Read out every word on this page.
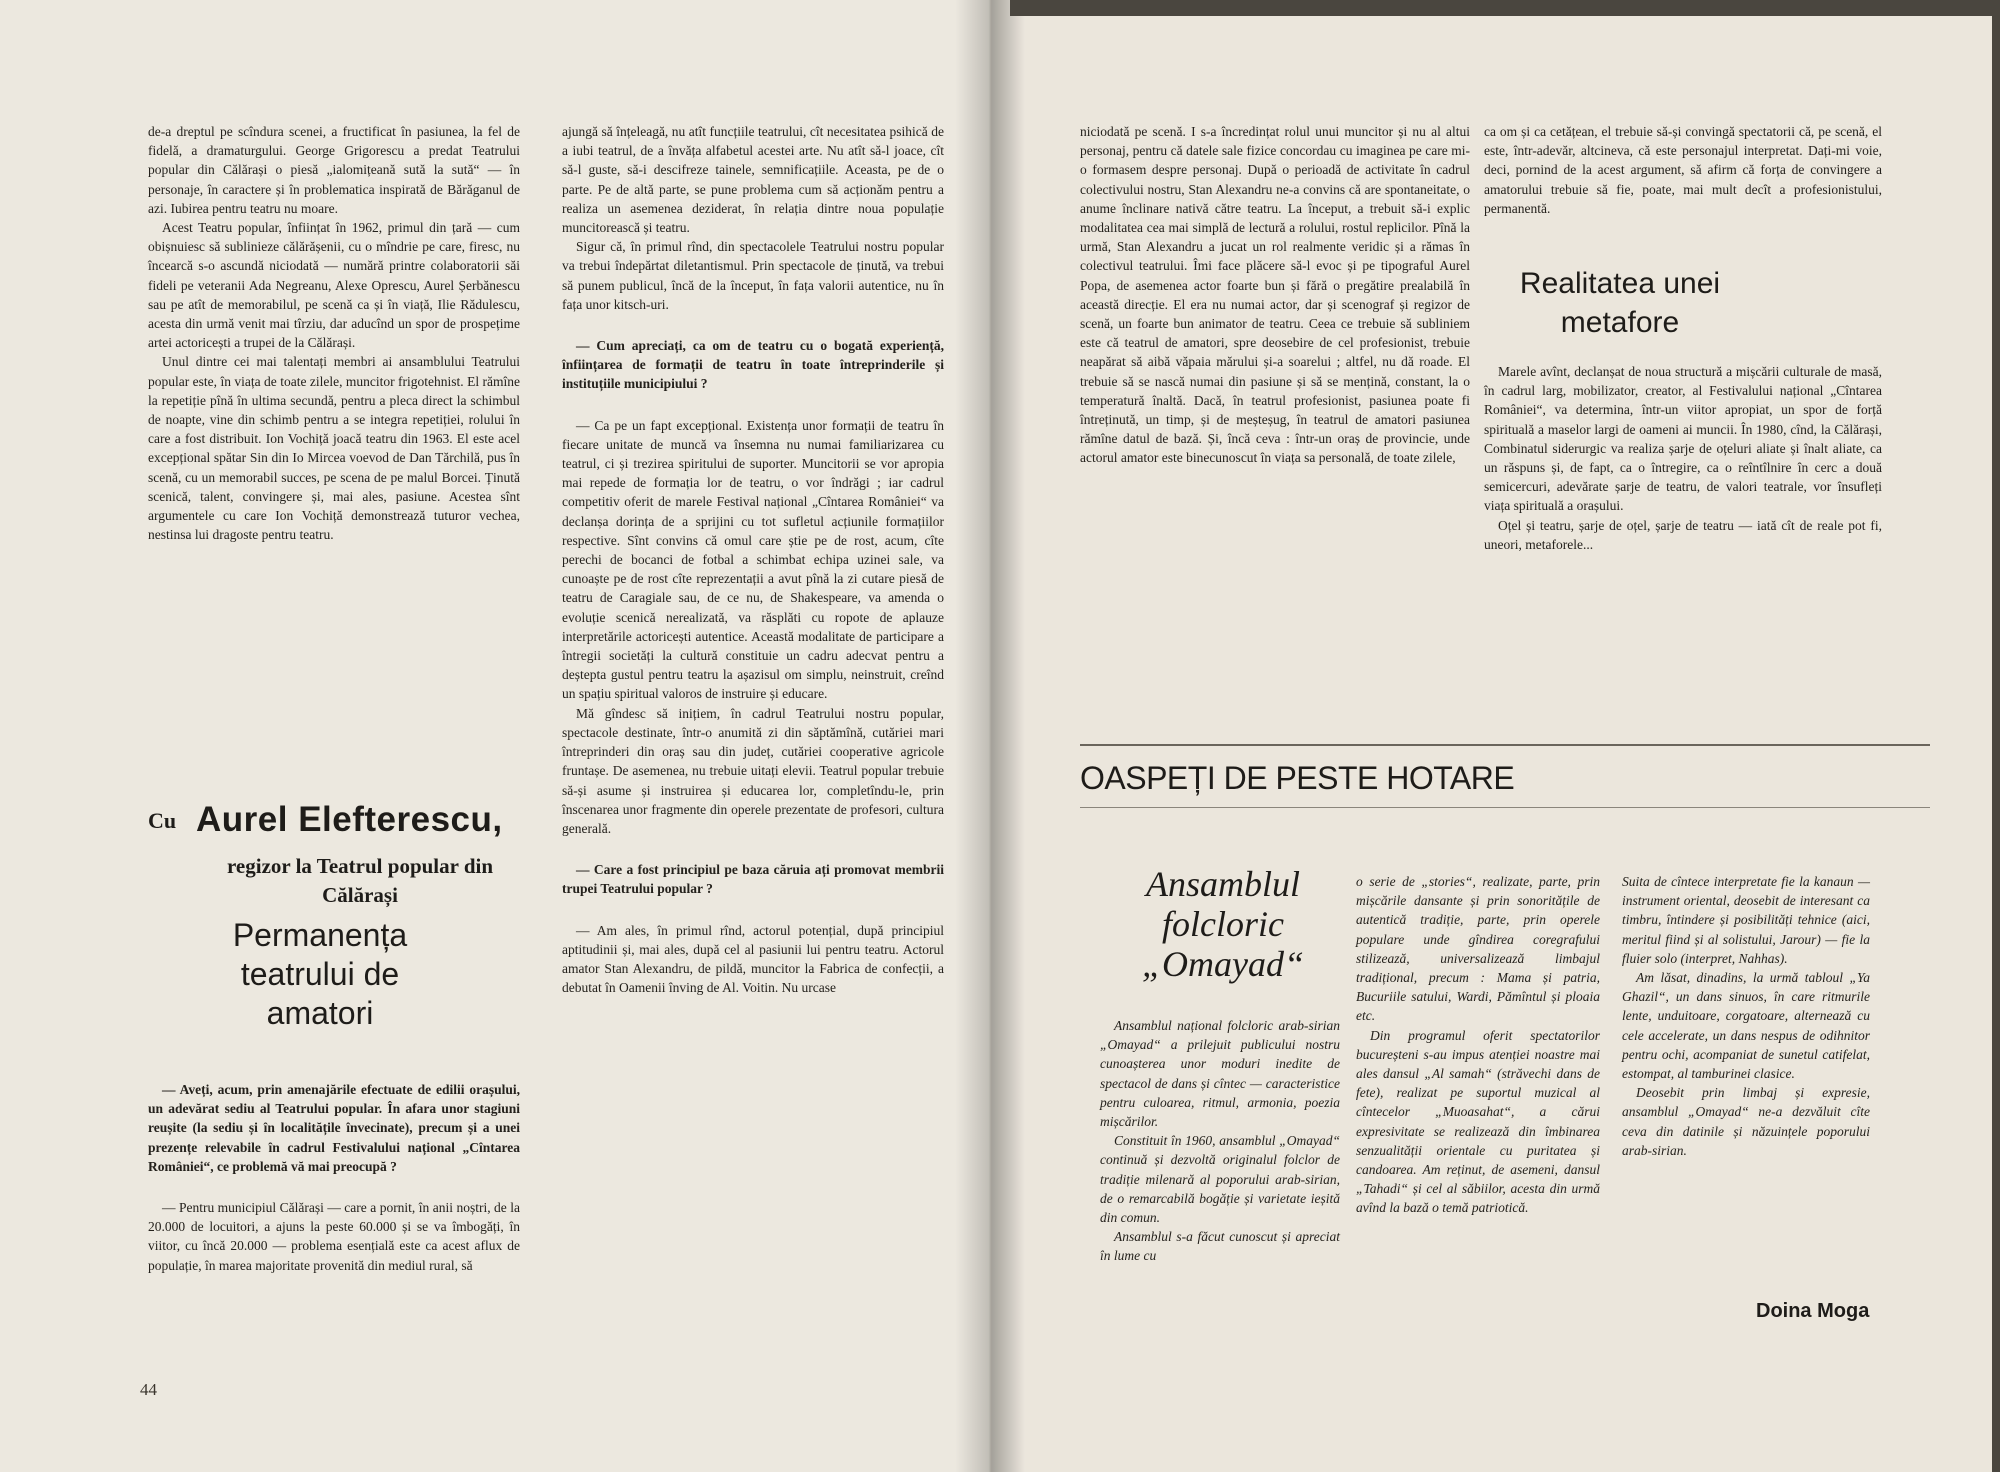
de-a dreptul pe scîndura scenei, a fructificat în pasiunea, la fel de fidelă, a dramaturgului. George Grigorescu a predat Teatrului popular din Călărași o piesă „ialomițeană sută la sută“ — în personaje, în caractere și în problematica inspirată de Bărăganul de azi. Iubirea pentru teatru nu moare.

Acest Teatru popular, înființat în 1962, primul din țară — cum obișnuiesc să sublinieze călărășenii, cu o mîndrie pe care, firesc, nu încearcă s-o ascundă niciodată — numără printre colaboratorii săi fideli pe veteranii Ada Negreanu, Alexe Oprescu, Aurel Șerbănescu sau pe atît de memorabilul, pe scenă ca și în viață, Ilie Rădulescu, acesta din urmă venit mai tîrziu, dar aducînd un spor de prospețime artei actoricești a trupei de la Călărași.

Unul dintre cei mai talentați membri ai ansamblului Teatrului popular este, în viața de toate zilele, muncitor frigotehnist. El rămîne la repetiție pînă în ultima secundă, pentru a pleca direct la schimbul de noapte, vine din schimb pentru a se integra repetiției, rolului în care a fost distribuit. Ion Vochiță joacă teatru din 1963. El este acel excepțional spătar Sin din Io Mircea voevod de Dan Tărchilă, pus în scenă, cu un memorabil succes, pe scena de pe malul Borcei. Ținută scenică, talent, convingere și, mai ales, pasiune. Acestea sînt argumentele cu care Ion Vochiță demonstrează tuturor vechea, nestinsa lui dragoste pentru teatru.

Cu Aurel Elefterescu,
regizor la Teatrul popular din Călărași
Permanența teatrului de amatori

— Aveți, acum, prin amenajările efectuate de edilii orașului, un adevărat sediu al Teatrului popular. În afara unor stagiuni reușite (la sediu și în localitățile învecinate), precum și a unei prezențe relevabile în cadrul Festivalului național „Cîntarea României“, ce problemă vă mai preocupă ?

— Pentru municipiul Călărași — care a pornit, în anii noștri, de la 20.000 de locuitori, a ajuns la peste 60.000 și se va îmbogăți, în viitor, cu încă 20.000 — problema esențială este ca acest aflux de populație, în marea majoritate provenită din mediul rural, să

ajungă să înțeleagă, nu atît funcțiile teatrului, cît necesitatea psihică de a iubi teatrul, de a învăța alfabetul acestei arte. Nu atît să-l joace, cît să-l guste, să-i descifreze tainele, semnificațiile. Aceasta, pe de o parte. Pe de altă parte, se pune problema cum să acționăm pentru a realiza un asemenea deziderat, în relația dintre noua populație muncitorească și teatru.

Sigur că, în primul rînd, din spectacolele Teatrului nostru popular va trebui îndepărtat diletantismul. Prin spectacole de ținută, va trebui să punem publicul, încă de la început, în fața valorii autentice, nu în fața unor kitsch-uri.

— Cum apreciați, ca om de teatru cu o bogată experiență, înființarea de formații de teatru în toate întreprinderile și instituțiile municipiului ?

— Ca pe un fapt excepțional. Existența unor formații de teatru în fiecare unitate de muncă va însemna nu numai familiarizarea cu teatrul, ci și trezirea spiritului de suporter. Muncitorii se vor apropia mai repede de formația lor de teatru, o vor îndrăgi ; iar cadrul competitiv oferit de marele Festival național „Cîntarea României“ va declanșa dorința de a sprijini cu tot sufletul acțiunile formațiilor respective. Sînt convins că omul care știe pe de rost, acum, cîte perechi de bocanci de fotbal a schimbat echipa uzinei sale, va cunoaște pe de rost cîte reprezentații a avut pînă la zi cutare piesă de teatru de Caragiale sau, de ce nu, de Shakespeare, va amenda o evoluție scenică nerealizată, va răsplăti cu ropote de aplauze interpretările actoricești autentice. Această modalitate de participare a întregii societăți la cultură constituie un cadru adecvat pentru a deștepta gustul pentru teatru la așazisul om simplu, neinstruit, creînd un spațiu spiritual valoros de instruire și educare.

Mă gîndesc să inițiem, în cadrul Teatrului nostru popular, spectacole destinate, într-o anumită zi din săptămînă, cutăriei mari întreprinderi din oraș sau din județ, cutăriei cooperative agricole fruntașe. De asemenea, nu trebuie uitați elevii. Teatrul popular trebuie să-și asume și instruirea și educarea lor, completîndu-le, prin înscenarea unor fragmente din operele prezentate de profesori, cultura generală.

— Care a fost principiul pe baza căruia ați promovat membrii trupei Teatrului popular ?

— Am ales, în primul rînd, actorul potențial, după principiul aptitudinii și, mai ales, după cel al pasiunii lui pentru teatru. Actorul amator Stan Alexandru, de pildă, muncitor la Fabrica de confecții, a debutat în Oamenii înving de Al. Voitin. Nu urcase

44

niciodată pe scenă. I s-a încredințat rolul unui muncitor și nu al altui personaj, pentru că datele sale fizice concordau cu imaginea pe care mi-o formasem despre personaj. După o perioadă de activitate în cadrul colectivului nostru, Stan Alexandru ne-a convins că are spontaneitate, o anume înclinare nativă către teatru. La început, a trebuit să-i explic modalitatea cea mai simplă de lectură a rolului, rostul replicilor. Pînă la urmă, Stan Alexandru a jucat un rol realmente veridic și a rămas în colectivul teatrului. Îmi face plăcere să-l evoc și pe tipograful Aurel Popa, de asemenea actor foarte bun și fără o pregătire prealabilă în această direcție. El era nu numai actor, dar și scenograf și regizor de scenă, un foarte bun animator de teatru. Ceea ce trebuie să subliniem este că teatrul de amatori, spre deosebire de cel profesionist, trebuie neapărat să aibă văpaia mărului și-a soarelui ; altfel, nu dă roade. El trebuie să se nască numai din pasiune și să se mențină, constant, la o temperatură înaltă. Dacă, în teatrul profesionist, pasiunea poate fi întreținută, un timp, și de meșteșug, în teatrul de amatori pasiunea rămîne datul de bază. Și, încă ceva : într-un oraș de provincie, unde actorul amator este binecunoscut în viața sa personală, de toate zilele,

ca om și ca cetățean, el trebuie să-și convingă spectatorii că, pe scenă, el este, într-adevăr, altcineva, că este personajul interpretat. Dați-mi voie, deci, pornind de la acest argument, să afirm că forța de convingere a amatorului trebuie să fie, poate, mai mult decît a profesionistului, permanentă.

Realitatea unei metafore

Marele avînt, declanșat de noua structură a mișcării culturale de masă, în cadrul larg, mobilizator, creator, al Festivalului național „Cîntarea României“, va determina, într-un viitor apropiat, un spor de forță spirituală a maselor largi de oameni ai muncii. În 1980, cînd, la Călărași, Combinatul siderurgic va realiza șarje de oțeluri aliate și înalt aliate, ca un răspuns și, de fapt, ca o întregire, ca o reîntîlnire în cerc a două semicercuri, adevărate șarje de teatru, de valori teatrale, vor însufleți viața spirituală a orașului.

Oțel și teatru, șarje de oțel, șarje de teatru — iată cît de reale pot fi, uneori, metaforele...

OASPEȚI DE PESTE HOTARE
Ansamblul folcloric „Omayad“

Ansamblul național folcloric arab-sirian „Omayad“ a prilejuit publicului nostru cunoașterea unor moduri inedite de spectacol de dans și cîntec — caracteristice pentru culoarea, ritmul, armonia, poezia mișcărilor.

Constituit în 1960, ansamblul „Omayad“ continuă și dezvoltă originalul folclor de tradiție milenară al poporului arab-sirian, de o remarcabilă bogăție și varietate ieșită din comun.

Ansamblul s-a făcut cunoscut și apreciat în lume cu

o serie de „stories“, realizate, parte, prin mișcările dansante și prin sonoritățile de autentică tradiție, parte, prin operele populare unde gîndirea coregrafului stilizează, universalizează limbajul tradițional, precum : Mama și patria, Bucuriile satului, Wardi, Pămîntul și ploaia etc.

Din programul oferit spectatorilor bucureșteni s-au impus atenției noastre mai ales dansul „Al samah“ (străvechi dans de fete), realizat pe suportul muzical al cîntecelor „Muoasahat“, a cărui expresivitate se realizează din îmbinarea senzualității orientale cu puritatea și candoarea. Am reținut, de asemeni, dansul „Tahadi“ și cel al săbiilor, acesta din urmă avînd la bază o temă patriotică.

Suita de cîntece interpretate fie la kanaun — instrument oriental, deosebit de interesant ca timbru, întindere și posibilități tehnice (aici, meritul fiind și al solistului, Jarour) — fie la fluier solo (interpret, Nahhas).

Am lăsat, dinadins, la urmă tabloul „Ya Ghazil“, un dans sinuos, în care ritmurile lente, unduitoare, corgatoare, alternează cu cele accelerate, un dans nespus de odihnitor pentru ochi, acompaniat de sunetul catifelat, estompat, al tamburinei clasice.

Deosebit prin limbaj și expresie, ansamblul „Omayad“ ne-a dezvăluit cîte ceva din datinile și năzuințele poporului arab-sirian.

Doina Moga
